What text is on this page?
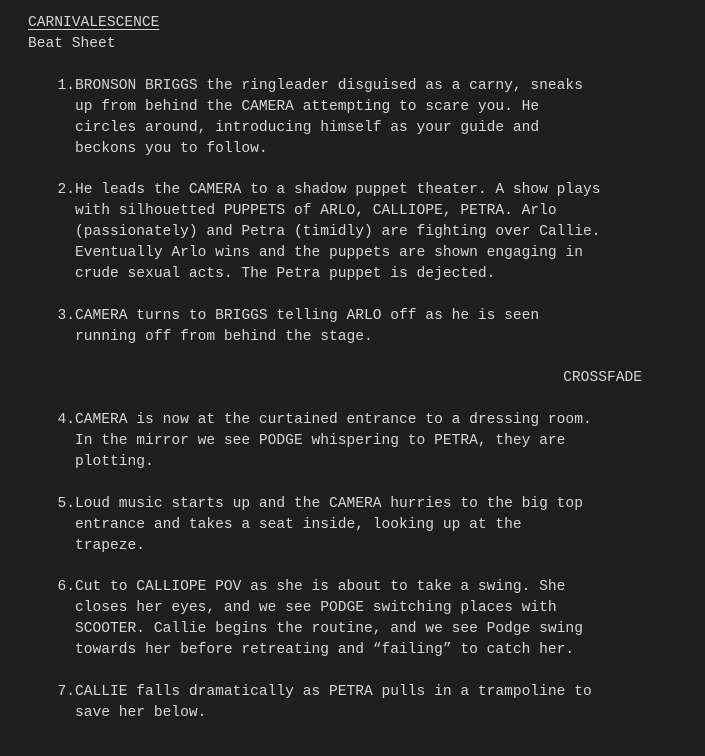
CARNIVALESCENCE
Beat Sheet
1. BRONSON BRIGGS the ringleader disguised as a carny, sneaks
up from behind the CAMERA attempting to scare you. He
circles around, introducing himself as your guide and
beckons you to follow.
2. He leads the CAMERA to a shadow puppet theater. A show plays
with silhouetted PUPPETS of ARLO, CALLIOPE, PETRA. Arlo
(passionately) and Petra (timidly) are fighting over Callie.
Eventually Arlo wins and the puppets are shown engaging in
crude sexual acts. The Petra puppet is dejected.
3. CAMERA turns to BRIGGS telling ARLO off as he is seen
running off from behind the stage.
CROSSFADE
4. CAMERA is now at the curtained entrance to a dressing room.
In the mirror we see PODGE whispering to PETRA, they are
plotting.
5. Loud music starts up and the CAMERA hurries to the big top
entrance and takes a seat inside, looking up at the
trapeze.
6. Cut to CALLIOPE POV as she is about to take a swing. She
closes her eyes, and we see PODGE switching places with
SCOOTER. Callie begins the routine, and we see Podge swing
towards her before retreating and “failing” to catch her.
7. CALLIE falls dramatically as PETRA pulls in a trampoline to
save her below.
